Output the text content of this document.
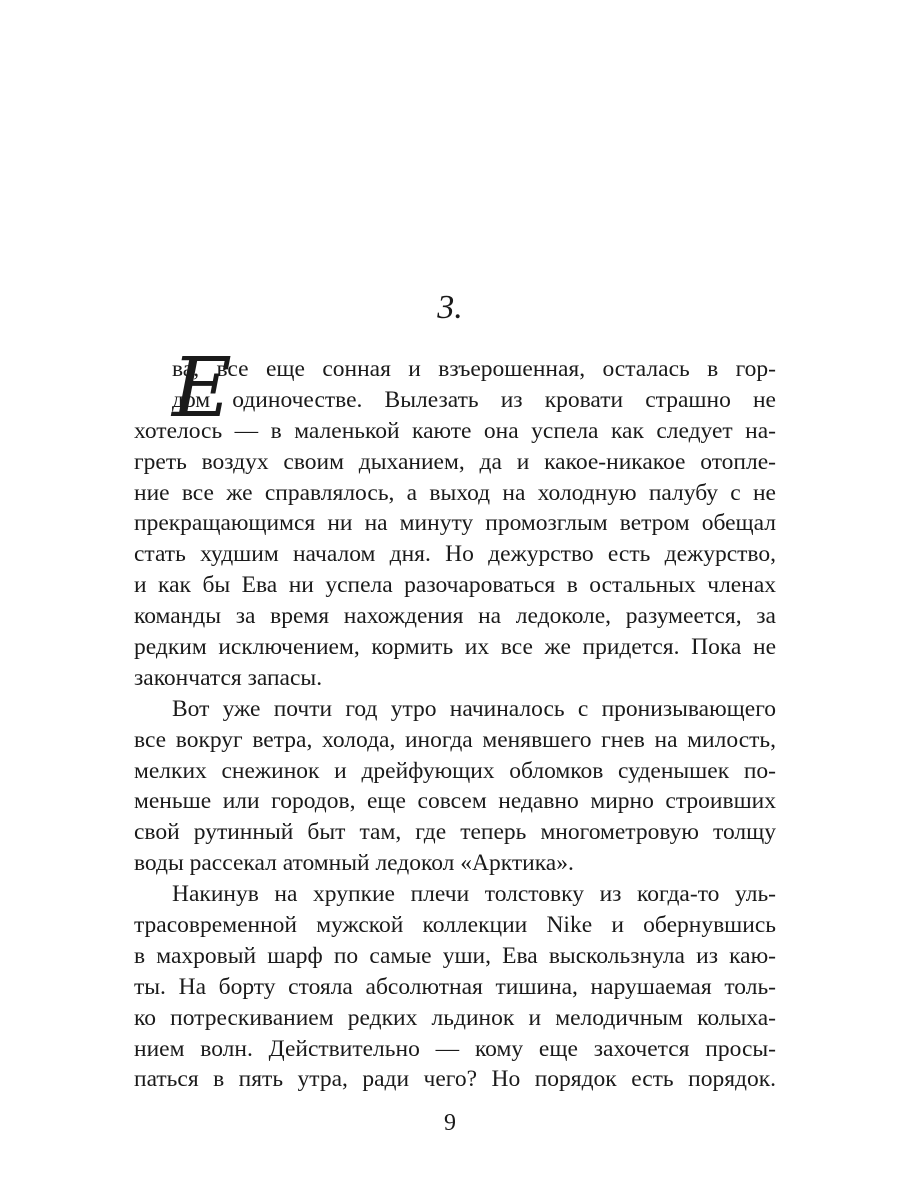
3.
Е
ва, все еще сонная и взъерошенная, осталась в гор-
дом одиночестве. Вылезать из кровати страшно не
хотелось — в маленькой каюте она успела как следует на-
греть воздух своим дыханием, да и какое-никакое отопле-
ние все же справлялось, а выход на холодную палубу с не
прекращающимся ни на минуту промозглым ветром обещал
стать худшим началом дня. Но дежурство есть дежурство,
и как бы Ева ни успела разочароваться в остальных членах
команды за время нахождения на ледоколе, разумеется, за
редким исключением, кормить их все же придется. Пока не
закончатся запасы.
Вот уже почти год утро начиналось с пронизывающего
все вокруг ветра, холода, иногда менявшего гнев на милость,
мелких снежинок и дрейфующих обломков суденышек по-
меньше или городов, еще совсем недавно мирно строивших
свой рутинный быт там, где теперь многометровую толщу
воды рассекал атомный ледокол «Арктика».
Накинув на хрупкие плечи толстовку из когда-то уль-
трасовременной мужской коллекции Nike и обернувшись
в махровый шарф по самые уши, Ева выскользнула из каю-
ты. На борту стояла абсолютная тишина, нарушаемая толь-
ко потрескиванием редких льдинок и мелодичным колыха-
нием волн. Действительно — кому еще захочется просы-
паться в пять утра, ради чего? Но порядок есть порядок.
9
